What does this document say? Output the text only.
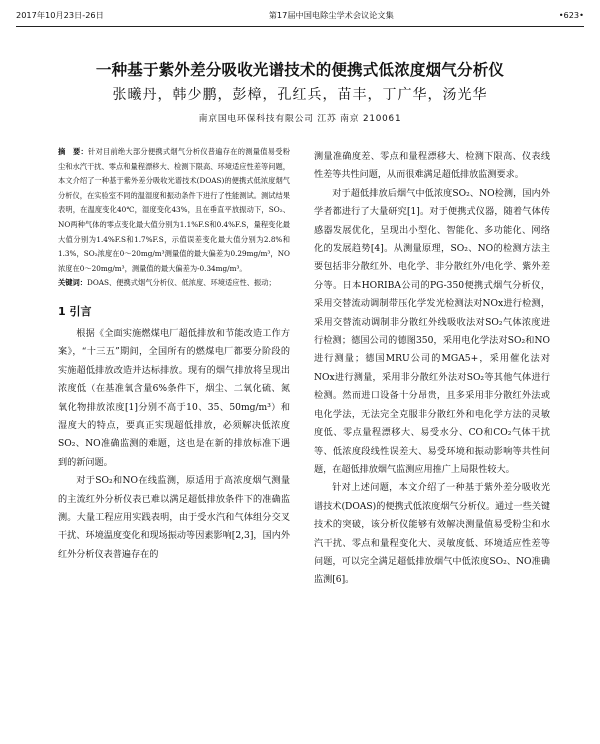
2017年10月23日-26日	第17届中国电除尘学术会议论文集	•623•
一种基于紫外差分吸收光谱技术的便携式低浓度烟气分析仪
张曦丹，韩少鹏，彭樟，孔红兵，苗丰，丁广华，汤光华
南京国电环保科技有限公司 江苏 南京 210061

摘　要：针对目前绝大部分便携式烟气分析仪普遍存在的测量值易受粉尘和水汽干扰、零点和量程漂移大、检测下限高、环境适应性差等问题，本文介绍了一种基于紫外差分吸收光谱技术(DOAS)的便携式低浓度烟气分析仪，在实验室不同的温湿度和振动条件下进行了性能测试。测试结果表明，在温度变化40℃，湿度变化43%，且在垂直平放振动下，SO₂、NO两种气体的零点变化最大值分别为1.1%F.S和0.4%F.S，量程变化最大值分别为1.4%F.S和1.7%F.S，示值误差变化最大值分别为2.8%和1.3%，SO₂浓度在0～20mg/m³测量值的最大偏差为0.29mg/m³，NO浓度在0～20mg/m³，测量值的最大偏差为-0.34mg/m³。

关键词：DOAS、便携式烟气分析仪、低浓度、环境适应性、振动；

1 引言

根据《全面实施燃煤电厂超低排放和节能改造工作方案》，“十三五”期间，全国所有的燃煤电厂都要分阶段的实施超低排放改造并达标排放。现有的烟气排放将呈现出浓度低（在基准氧含量6%条件下，烟尘、二氧化硫、氮氧化物排放浓度[1]分别不高于10、35、50mg/m³）和湿度大的特点，要真正实现超低排放，必须解决低浓度SO₂、NO准确监测的难题，这也是在新的排放标准下遇到的新问题。

对于SO₂和NO在线监测，原适用于高浓度烟气测量的主流红外分析仪表已难以满足超低排放条件下的准确监测。大量工程应用实践表明，由于受水汽和气体组分交叉干扰、环境温度变化和现场振动等因素影响[2,3]，国内外红外分析仪表普遍存在的

测量准确度差、零点和量程漂移大、检测下限高、仪表线性差等共性问题，从而很难满足超低排放监测要求。

对于超低排放后烟气中低浓度SO₂、NO检测，国内外学者都进行了大量研究[1]。对于便携式仪器，随着气体传感器发展优化，呈现出小型化、智能化、多功能化、网络化的发展趋势[4]。从测量原理，SO₂、NO的检测方法主要包括非分散红外、电化学、非分散红外/电化学、紫外差分等。日本HORIBA公司的PG-350便携式烟气分析仪，采用交替流动调制带压化学发光检测法对NOx进行检测，采用交替流动调制非分散红外线吸收法对SO₂气体浓度进行检测；德国公司的德图350，采用电化学法对SO₂和NO进行测量；德国MRU公司的MGA5+，采用催化法对NOx进行测量，采用非分散红外法对SO₂等其他气体进行检测。然而进口设备十分昂贵，且多采用非分散红外法或电化学法，无法完全克服非分散红外和电化学方法的灵敏度低、零点量程漂移大、易受水分、CO和CO₂气体干扰等、低浓度段线性误差大、易受环境和振动影响等共性问题，在超低排放烟气监测应用推广上局限性较大。

针对上述问题，本文介绍了一种基于紫外差分吸收光谱技术(DOAS)的便携式低浓度烟气分析仪。通过一些关键技术的突破，该分析仪能够有效解决测量值易受粉尘和水汽干扰、零点和量程变化大、灵敏度低、环境适应性差等问题，可以完全满足超低排放烟气中低浓度SO₂、NO准确监测[6]。
